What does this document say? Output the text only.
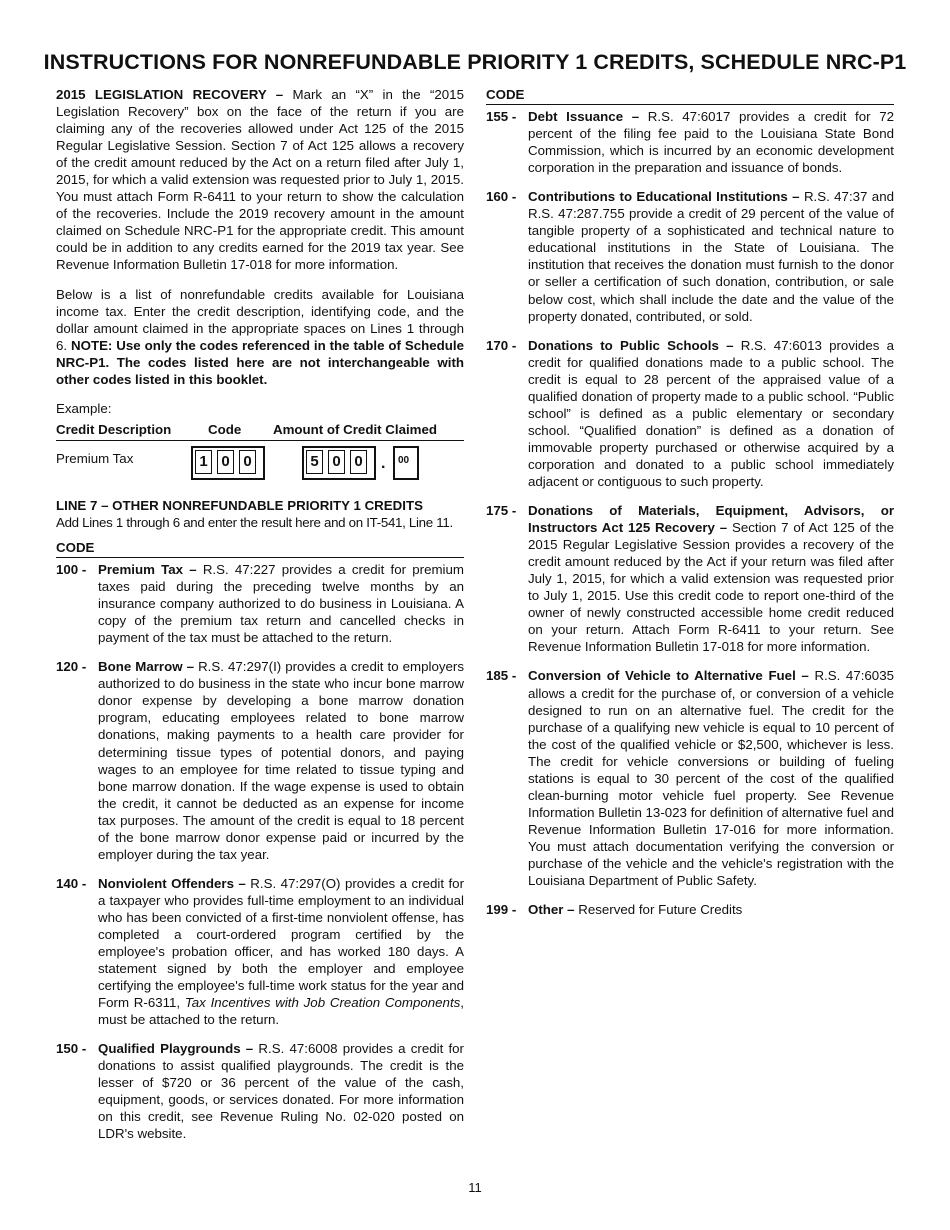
INSTRUCTIONS FOR NONREFUNDABLE PRIORITY 1 CREDITS, SCHEDULE NRC-P1

2015 LEGISLATION RECOVERY – Mark an “X” in the “2015 Legislation Recovery” box on the face of the return if you are claiming any of the recoveries allowed under Act 125 of the 2015 Regular Legislative Session. Section 7 of Act 125 allows a recovery of the credit amount reduced by the Act on a return filed after July 1, 2015, for which a valid extension was requested prior to July 1, 2015. You must attach Form R-6411 to your return to show the calculation of the recoveries. Include the 2019 recovery amount in the amount claimed on Schedule NRC-P1 for the appropriate credit. This amount could be in addition to any credits earned for the 2019 tax year. See Revenue Information Bulletin 17-018 for more information.

Below is a list of nonrefundable credits available for Louisiana income tax. Enter the credit description, identifying code, and the dollar amount claimed in the appropriate spaces on Lines 1 through 6. NOTE: Use only the codes referenced in the table of Schedule NRC-P1. The codes listed here are not interchangeable with other codes listed in this booklet.

Example:
Credit Description	Code	Amount of Credit Claimed
Premium Tax	1 0 0	5 0 0 . 00
LINE 7 – OTHER NONREFUNDABLE PRIORITY 1 CREDITS
Add Lines 1 through 6 and enter the result here and on IT-541, Line 11.
CODE
100 - Premium Tax – R.S. 47:227 provides a credit for premium taxes paid during the preceding twelve months by an insurance company authorized to do business in Louisiana. A copy of the premium tax return and cancelled checks in payment of the tax must be attached to the return.
120 - Bone Marrow – R.S. 47:297(I) provides a credit to employers authorized to do business in the state who incur bone marrow donor expense by developing a bone marrow donation program, educating employees related to bone marrow donations, making payments to a health care provider for determining tissue types of potential donors, and paying wages to an employee for time related to tissue typing and bone marrow donation. If the wage expense is used to obtain the credit, it cannot be deducted as an expense for income tax purposes. The amount of the credit is equal to 18 percent of the bone marrow donor expense paid or incurred by the employer during the tax year.
140 - Nonviolent Offenders – R.S. 47:297(O) provides a credit for a taxpayer who provides full-time employment to an individual who has been convicted of a first-time nonviolent offense, has completed a court-ordered program certified by the employee's probation officer, and has worked 180 days. A statement signed by both the employer and employee certifying the employee's full-time work status for the year and Form R-6311, Tax Incentives with Job Creation Components, must be attached to the return.
150 - Qualified Playgrounds – R.S. 47:6008 provides a credit for donations to assist qualified playgrounds. The credit is the lesser of $720 or 36 percent of the value of the cash, equipment, goods, or services donated. For more information on this credit, see Revenue Ruling No. 02-020 posted on LDR's website.
CODE
155 - Debt Issuance – R.S. 47:6017 provides a credit for 72 percent of the filing fee paid to the Louisiana State Bond Commission, which is incurred by an economic development corporation in the preparation and issuance of bonds.
160 - Contributions to Educational Institutions – R.S. 47:37 and R.S. 47:287.755 provide a credit of 29 percent of the value of tangible property of a sophisticated and technical nature to educational institutions in the State of Louisiana. The institution that receives the donation must furnish to the donor or seller a certification of such donation, contribution, or sale below cost, which shall include the date and the value of the property donated, contributed, or sold.
170 - Donations to Public Schools – R.S. 47:6013 provides a credit for qualified donations made to a public school. The credit is equal to 28 percent of the appraised value of a qualified donation of property made to a public school. “Public school” is defined as a public elementary or secondary school. “Qualified donation” is defined as a donation of immovable property purchased or otherwise acquired by a corporation and donated to a public school immediately adjacent or contiguous to such property.
175 - Donations of Materials, Equipment, Advisors, or Instructors Act 125 Recovery – Section 7 of Act 125 of the 2015 Regular Legislative Session provides a recovery of the credit amount reduced by the Act if your return was filed after July 1, 2015, for which a valid extension was requested prior to July 1, 2015. Use this credit code to report one-third of the owner of newly constructed accessible home credit reduced on your return. Attach Form R-6411 to your return. See Revenue Information Bulletin 17-018 for more information.
185 - Conversion of Vehicle to Alternative Fuel – R.S. 47:6035 allows a credit for the purchase of, or conversion of a vehicle designed to run on an alternative fuel. The credit for the purchase of a qualifying new vehicle is equal to 10 percent of the cost of the qualified vehicle or $2,500, whichever is less. The credit for vehicle conversions or building of fueling stations is equal to 30 percent of the cost of the qualified clean-burning motor vehicle fuel property. See Revenue Information Bulletin 13-023 for definition of alternative fuel and Revenue Information Bulletin 17-016 for more information. You must attach documentation verifying the conversion or purchase of the vehicle and the vehicle's registration with the Louisiana Department of Public Safety.
199 - Other – Reserved for Future Credits
11
